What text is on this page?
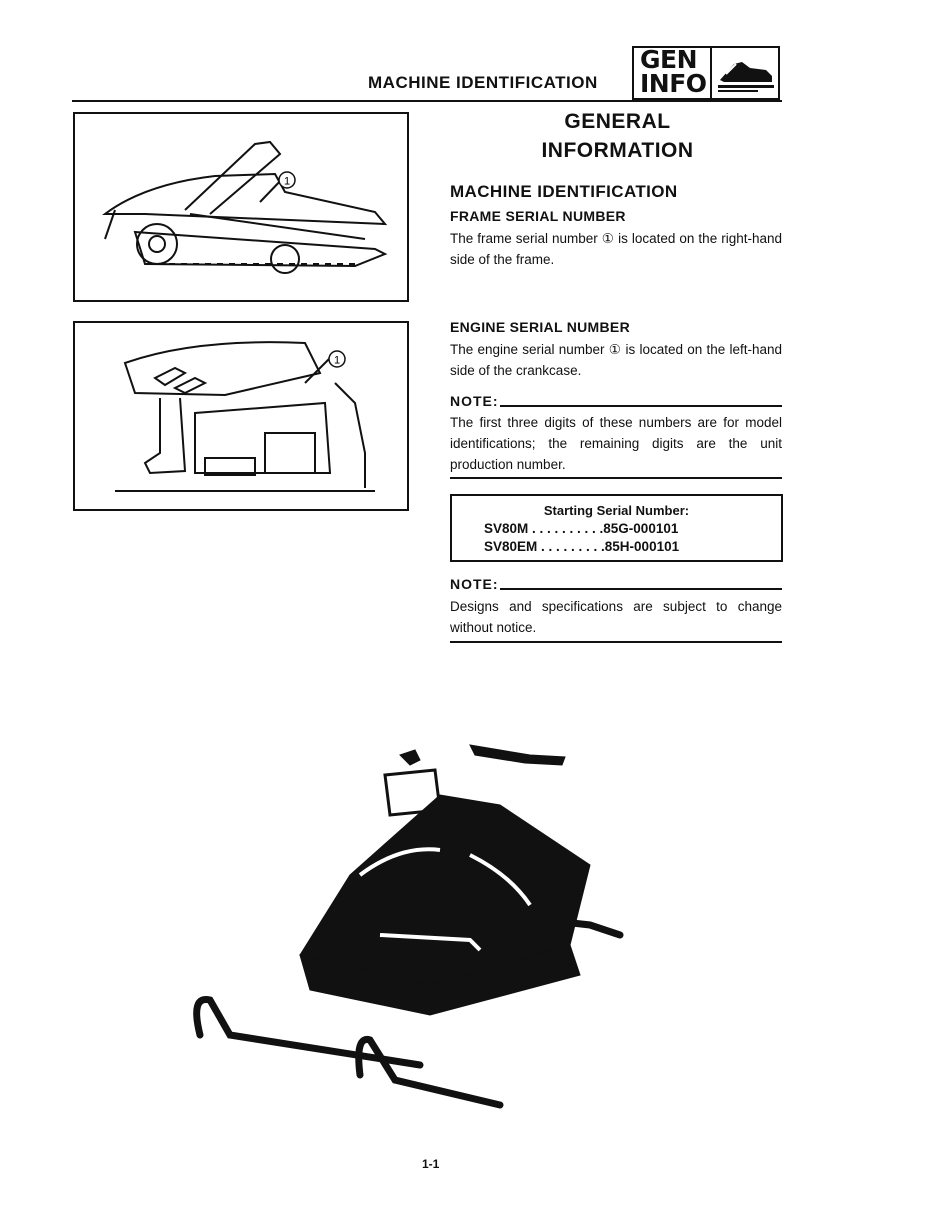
MACHINE IDENTIFICATION
GEN
INFO
1
1
GENERAL
INFORMATION
MACHINE IDENTIFICATION
FRAME SERIAL NUMBER
The frame serial number ① is located on the right-hand side of the frame.
ENGINE SERIAL NUMBER
The engine serial number ① is located on the left-hand side of the crankcase.
NOTE:
The first three digits of these numbers are for model identifications; the remaining digits are the unit production number.
Starting Serial Number:
SV80M . . . . . . . . . .85G-000101
SV80EM . . . . . . . . .85H-000101
NOTE:
Designs and specifications are subject to change without notice.
1-1
